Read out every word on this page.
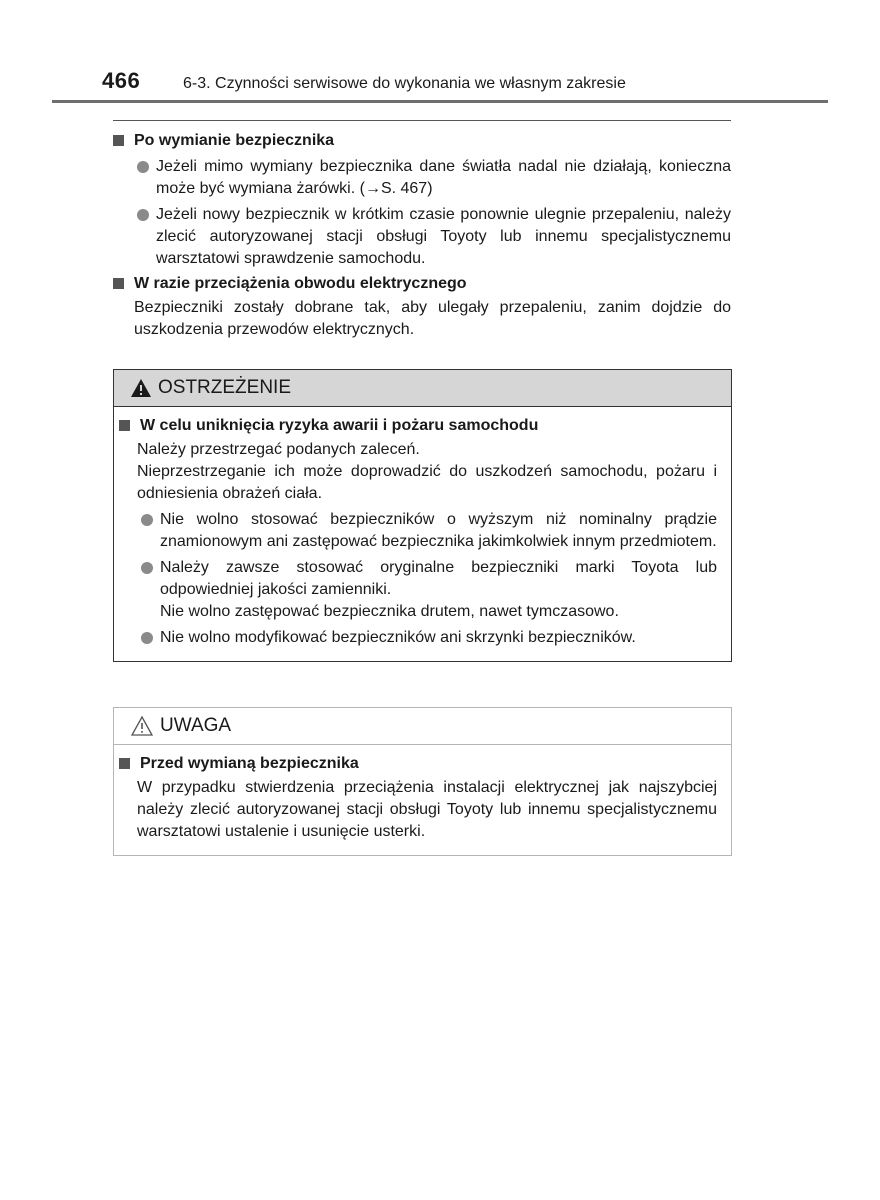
466	6-3. Czynności serwisowe do wykonania we własnym zakresie
Po wymianie bezpiecznika
Jeżeli mimo wymiany bezpiecznika dane światła nadal nie działają, konieczna może być wymiana żarówki. (→S. 467)
Jeżeli nowy bezpiecznik w krótkim czasie ponownie ulegnie przepaleniu, należy zlecić autoryzowanej stacji obsługi Toyoty lub innemu specjalistycznemu warsztatowi sprawdzenie samochodu.
W razie przeciążenia obwodu elektrycznego
Bezpieczniki zostały dobrane tak, aby ulegały przepaleniu, zanim dojdzie do uszkodzenia przewodów elektrycznych.
OSTRZEŻENIE
W celu uniknięcia ryzyka awarii i pożaru samochodu
Należy przestrzegać podanych zaleceń.
Nieprzestrzeganie ich może doprowadzić do uszkodzeń samochodu, pożaru i odniesienia obrażeń ciała.
Nie wolno stosować bezpieczników o wyższym niż nominalny prądzie znamionowym ani zastępować bezpiecznika jakimkolwiek innym przedmiotem.
Należy zawsze stosować oryginalne bezpieczniki marki Toyota lub odpowiedniej jakości zamienniki.
Nie wolno zastępować bezpiecznika drutem, nawet tymczasowo.
Nie wolno modyfikować bezpieczników ani skrzynki bezpieczników.
UWAGA
Przed wymianą bezpiecznika
W przypadku stwierdzenia przeciążenia instalacji elektrycznej jak najszybciej należy zlecić autoryzowanej stacji obsługi Toyoty lub innemu specjalistycznemu warsztatowi ustalenie i usunięcie usterki.
